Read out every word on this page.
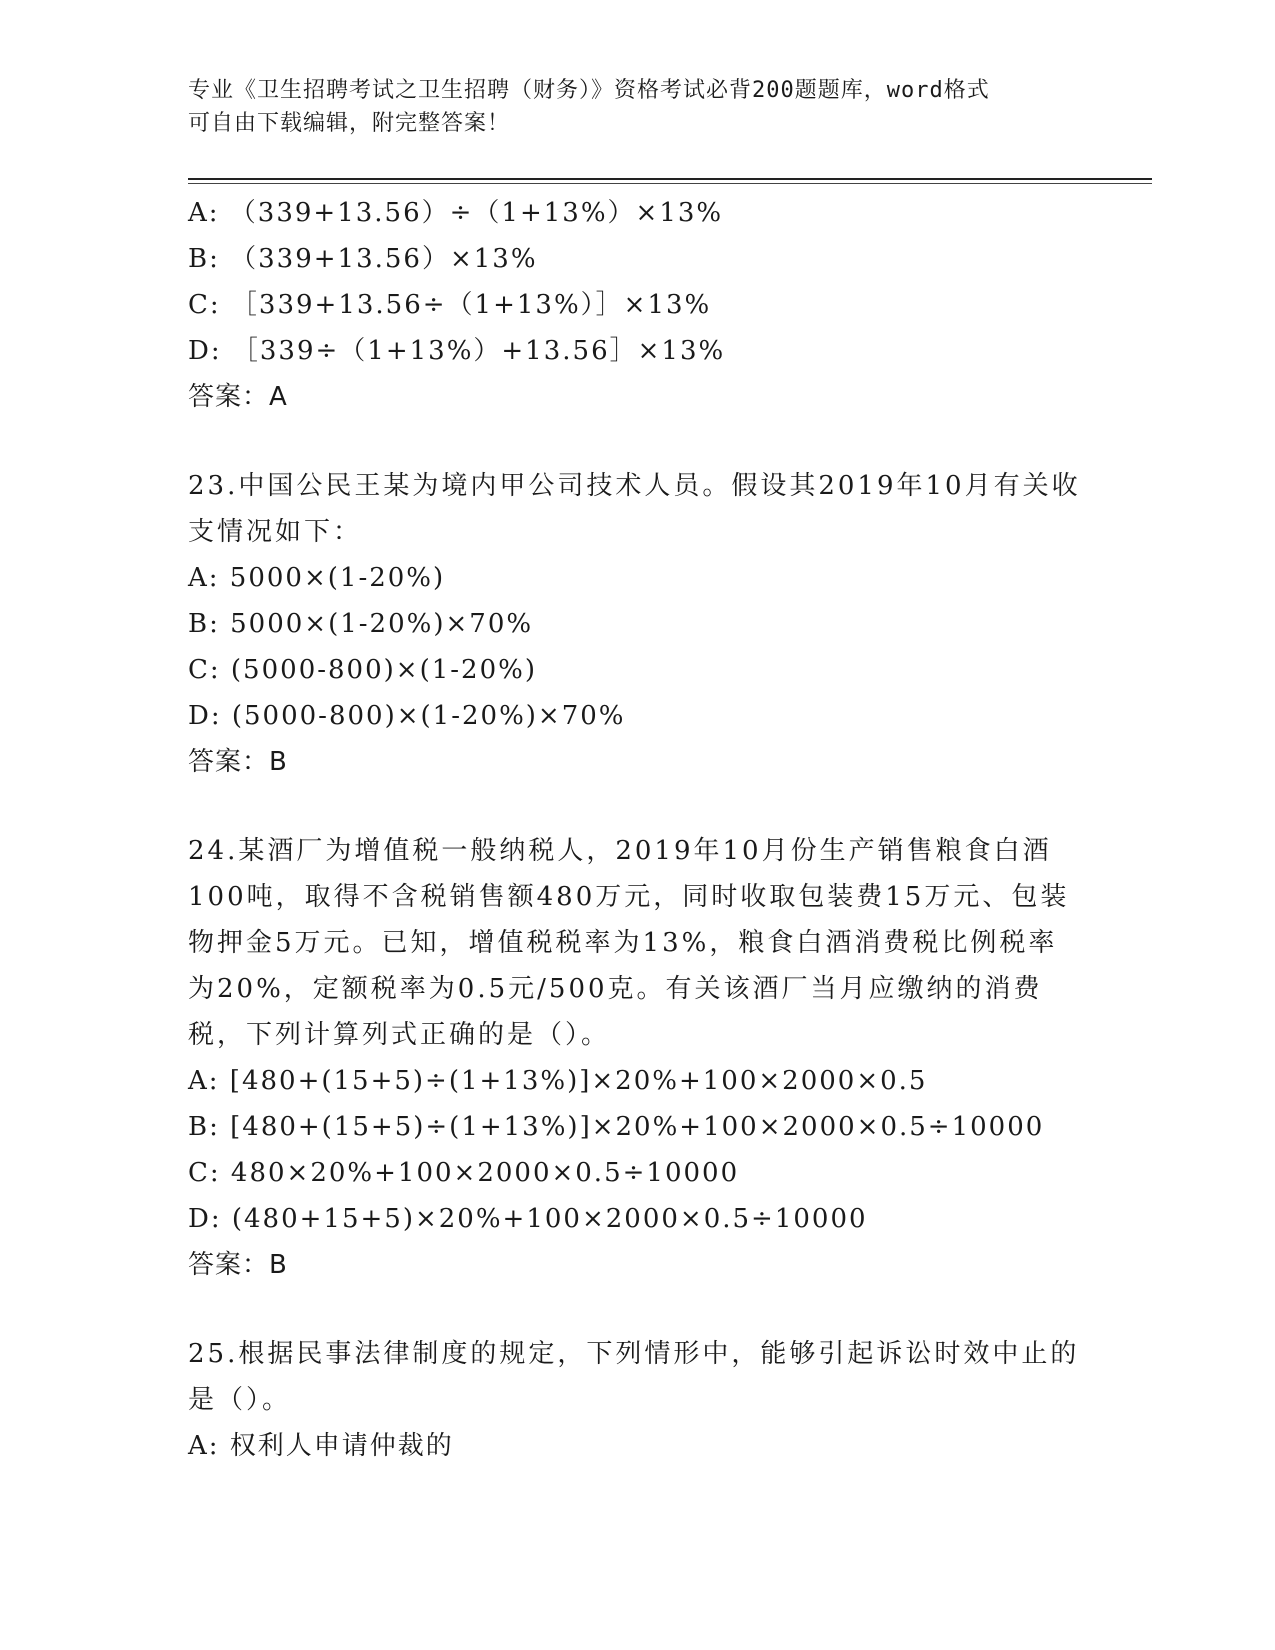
专业《卫生招聘考试之卫生招聘（财务）》资格考试必背200题题库，word格式
可自由下载编辑，附完整答案！
A: （339+13.56）÷（1+13%）×13%
B: （339+13.56）×13%
C: ［339+13.56÷（1+13%）］×13%
D: ［339÷（1+13%）+13.56］×13%
答案：A
23.中国公民王某为境内甲公司技术人员。假设其2019年10月有关收
支情况如下：
A: 5000×(1-20%)
B: 5000×(1-20%)×70%
C: (5000-800)×(1-20%)
D: (5000-800)×(1-20%)×70%
答案：B
24.某酒厂为增值税一般纳税人，2019年10月份生产销售粮食白酒
100吨，取得不含税销售额480万元，同时收取包装费15万元、包装
物押金5万元。已知，增值税税率为13%，粮食白酒消费税比例税率
为20%，定额税率为0.5元/500克。有关该酒厂当月应缴纳的消费
税，下列计算列式正确的是（）。
A: [480+(15+5)÷(1+13%)]×20%+100×2000×0.5
B: [480+(15+5)÷(1+13%)]×20%+100×2000×0.5÷10000
C: 480×20%+100×2000×0.5÷10000
D: (480+15+5)×20%+100×2000×0.5÷10000
答案：B
25.根据民事法律制度的规定，下列情形中，能够引起诉讼时效中止的
是（）。
A: 权利人申请仲裁的
